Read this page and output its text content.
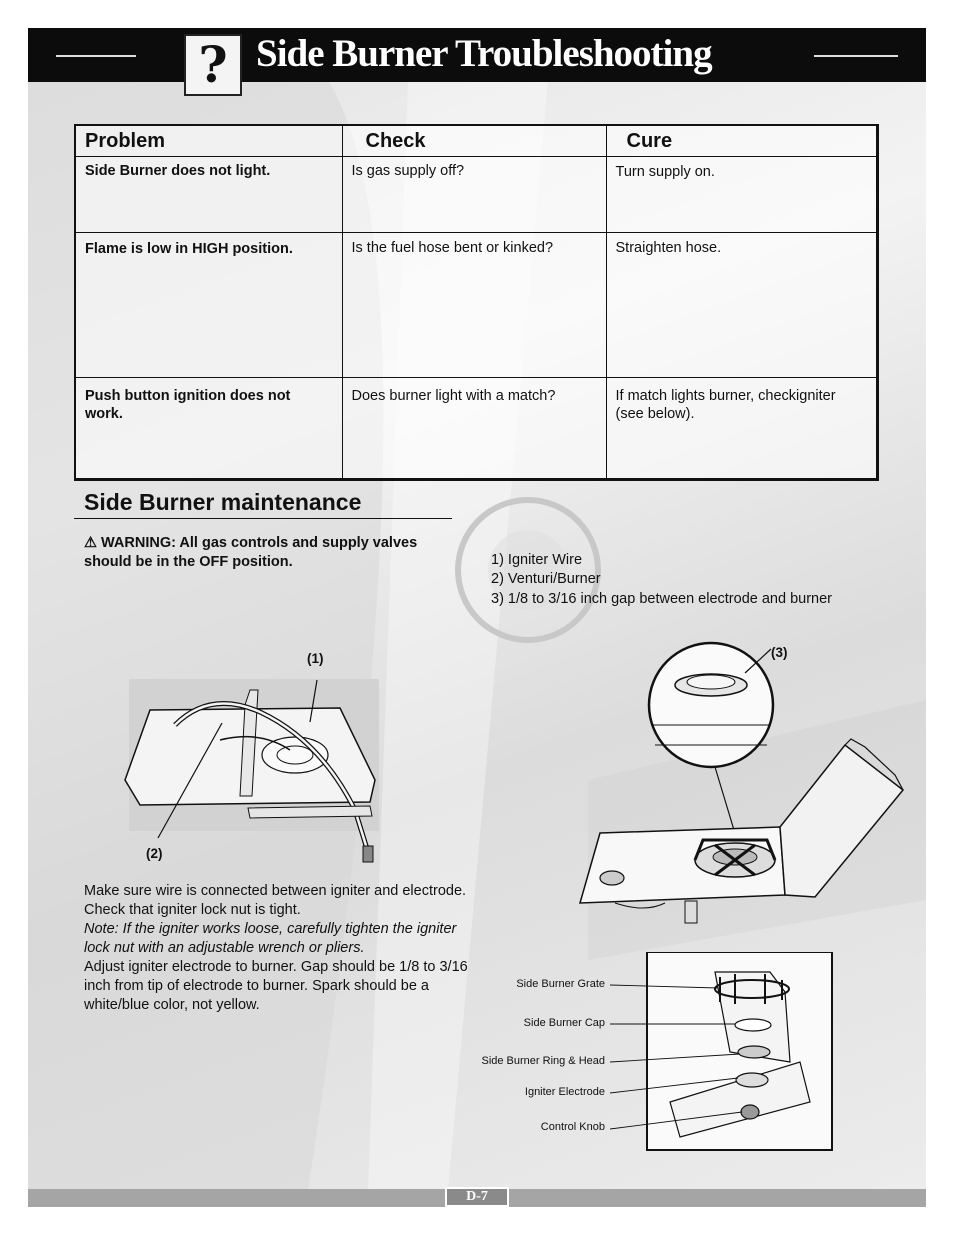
? Side Burner Troubleshooting
Problem	Check	Cure
Side Burner does not light.	Is gas supply off?	Turn supply on.
Flame is low in HIGH position.	Is the fuel hose bent or kinked?	Straighten hose.
Push button ignition does not work.	Does burner light with a match?	If match lights burner, checkigniter (see below).
Side Burner maintenance
⚠ WARNING: All gas controls and supply valves should be in the OFF position.	1) Igniter Wire
2) Venturi/Burner
3) 1/8 to 3/16 inch gap between electrode and burner
(1)
(2)
(3)
Side Burner Grate
Side Burner Cap
Side Burner Ring & Head
Igniter Electrode
Control Knob
Make sure wire is connected between igniter and electrode. Check that igniter lock nut is tight.
Note: If the igniter works loose, carefully tighten the igniter lock nut with an adjustable wrench or pliers.
Adjust igniter electrode to burner. Gap should be 1/8 to 3/16 inch from tip of electrode to burner. Spark should be a white/blue color, not yellow.
D-7
